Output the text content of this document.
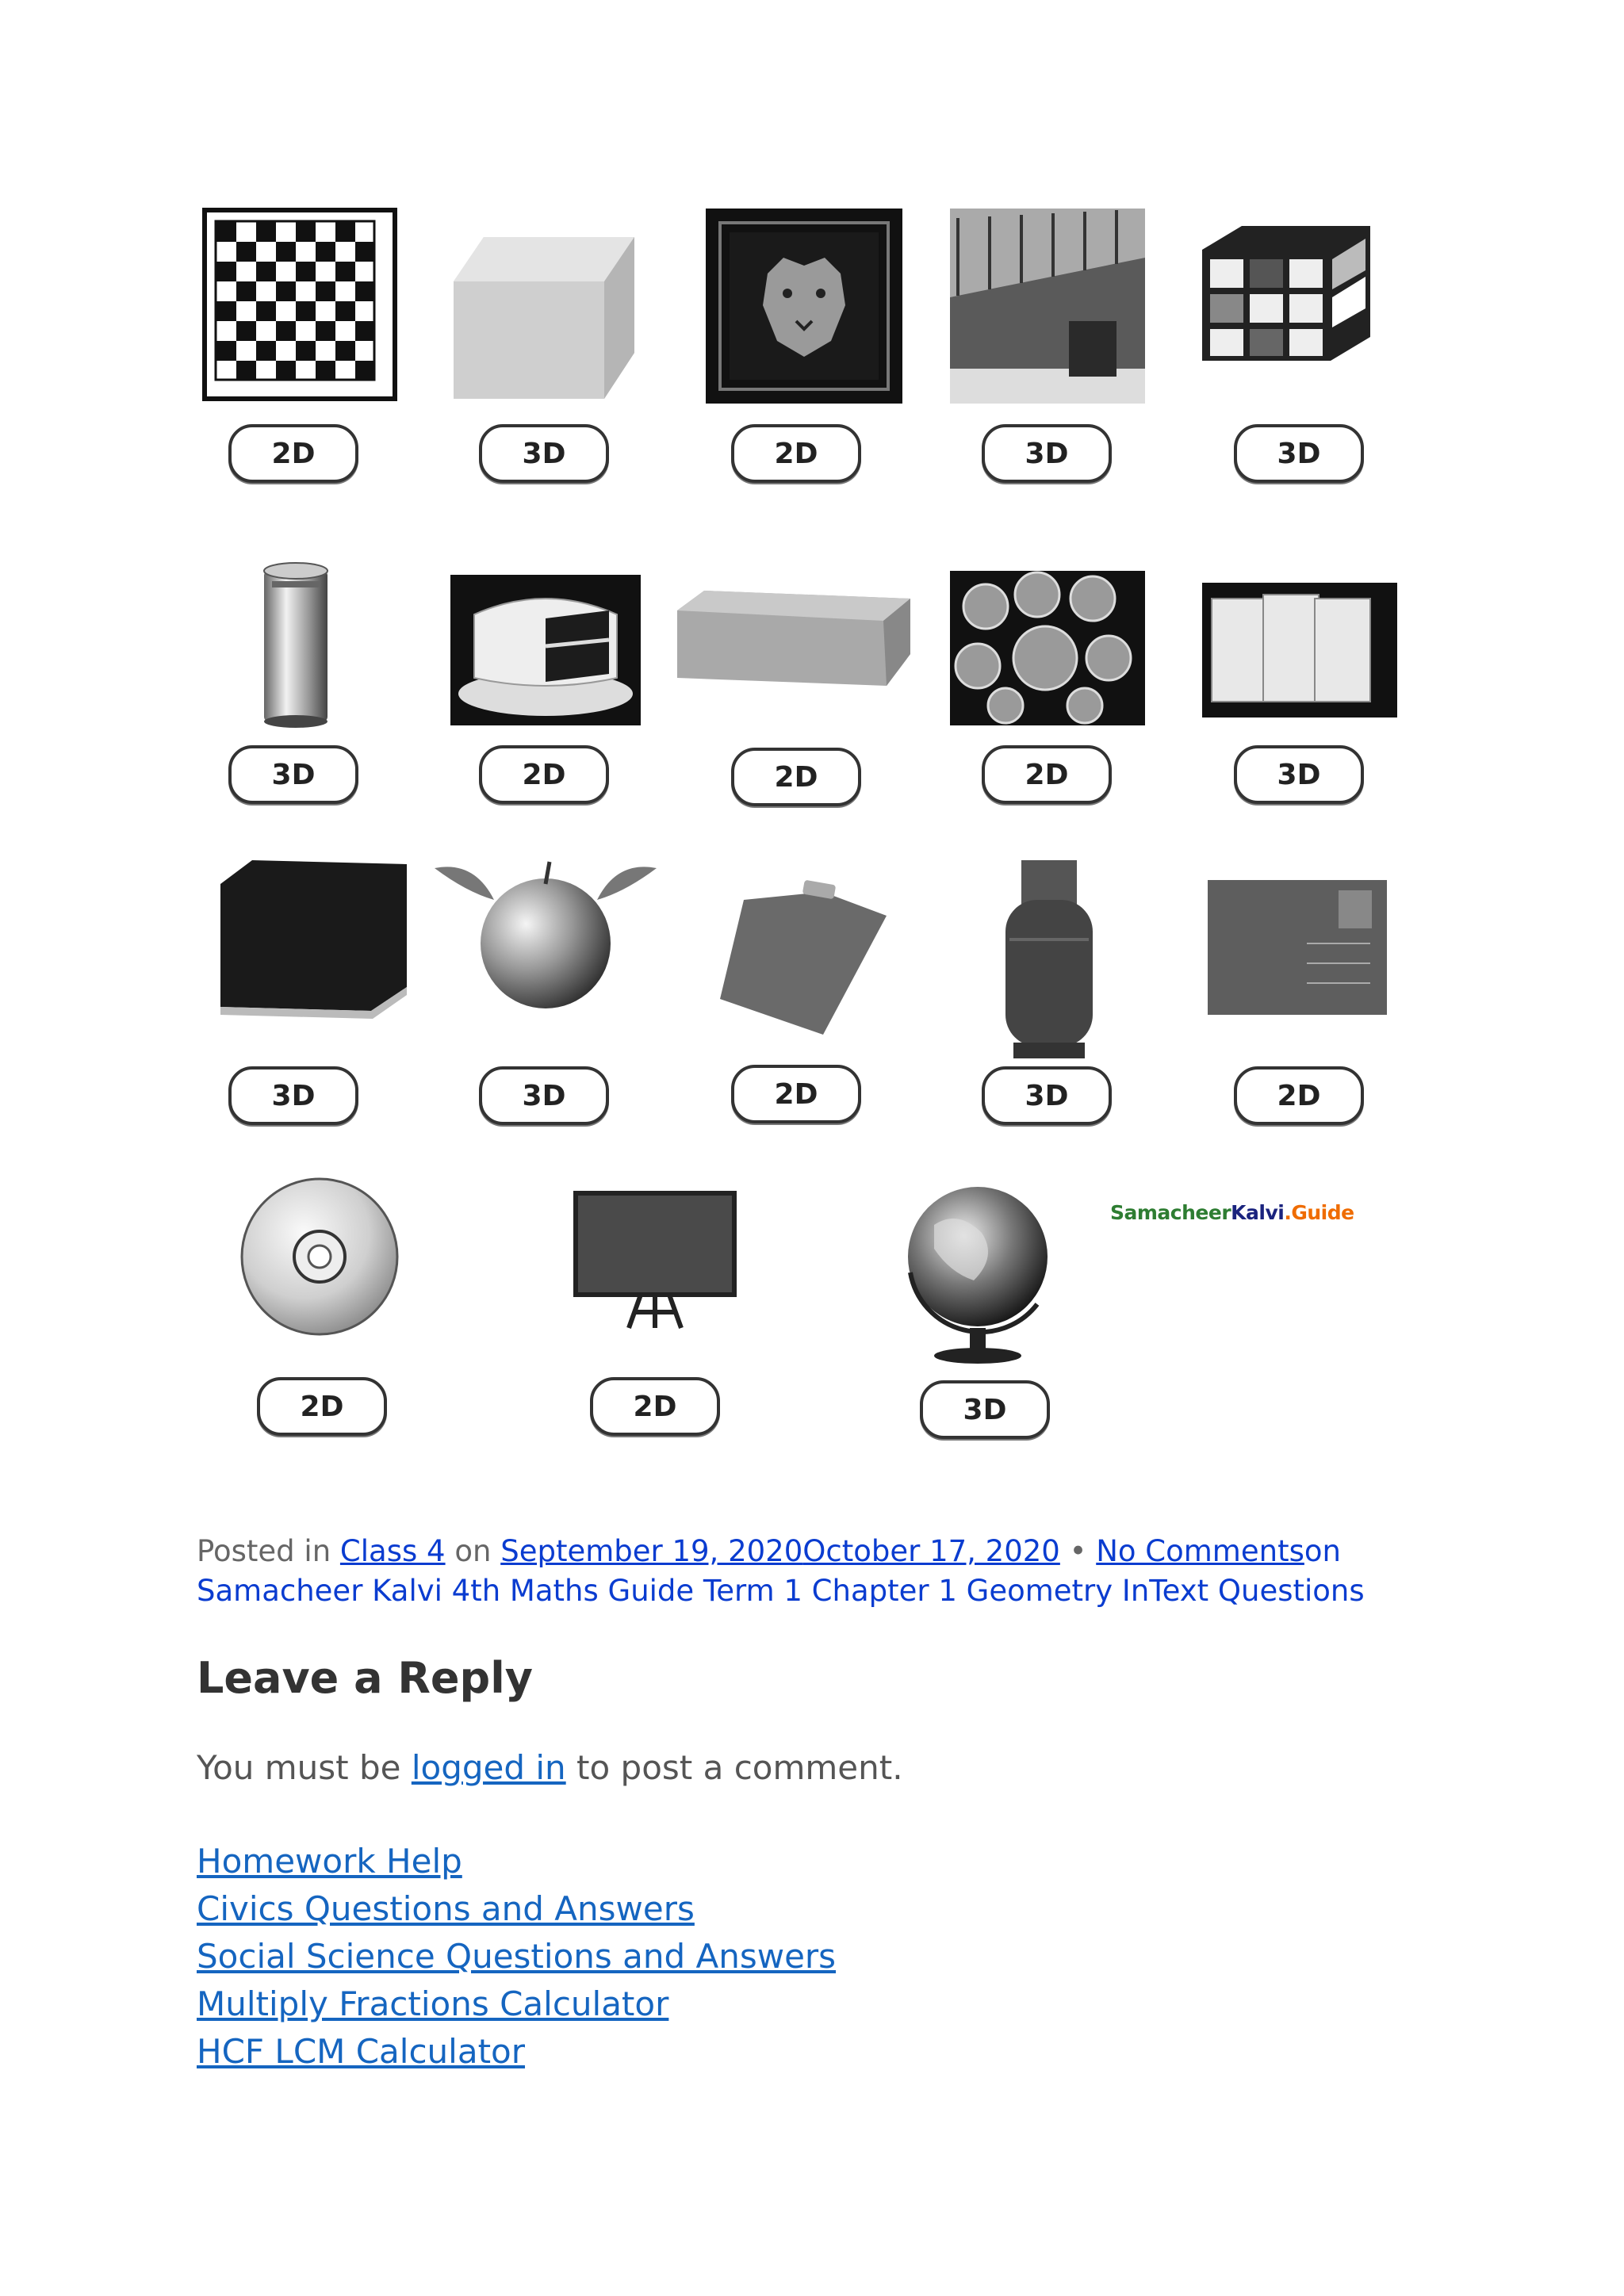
2D	3D	2D	3D	3D
3D	2D	2D	2D	3D
3D	3D	2D	3D	2D
2D	2D	3D
SamacheerKalvi.Guide
Posted in Class 4 on September 19, 2020October 17, 2020 • No Commentson Samacheer Kalvi 4th Maths Guide Term 1 Chapter 1 Geometry InText Questions
Leave a Reply
You must be logged in to post a comment.
Homework Help
Civics Questions and Answers
Social Science Questions and Answers
Multiply Fractions Calculator
HCF LCM Calculator
